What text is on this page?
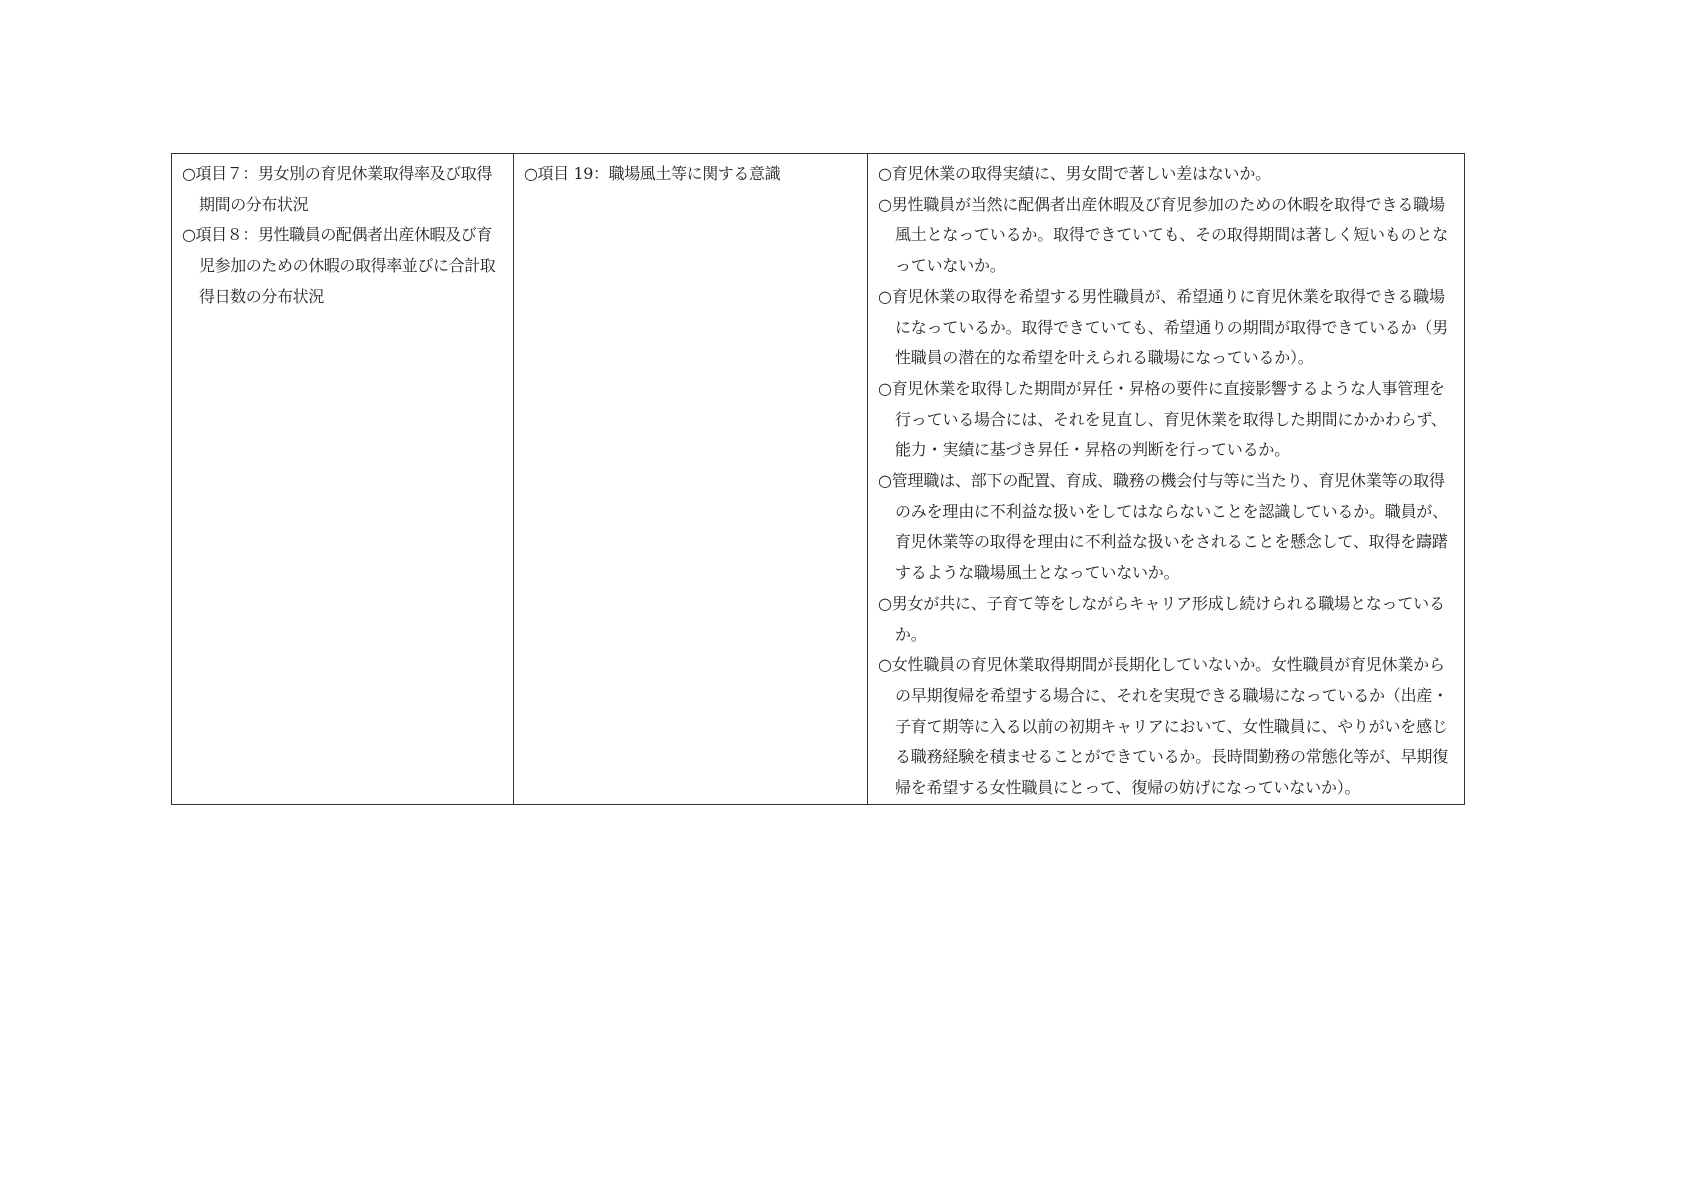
○項目７：男女別の育児休業取得率及び取得期間の分布状況

○項目８：男性職員の配偶者出産休暇及び育児参加のための休暇の取得率並びに合計取得日数の分布状況

○項目 19：職場風土等に関する意識	○育児休業の取得実績に、男女間で著しい差はないか。

○男性職員が当然に配偶者出産休暇及び育児参加のための休暇を取得できる職場風土となっているか。取得できていても、その取得期間は著しく短いものとなっていないか。

○育児休業の取得を希望する男性職員が、希望通りに育児休業を取得できる職場になっているか。取得できていても、希望通りの期間が取得できているか（男性職員の潜在的な希望を叶えられる職場になっているか）。

○育児休業を取得した期間が昇任・昇格の要件に直接影響するような人事管理を行っている場合には、それを見直し、育児休業を取得した期間にかかわらず、能力・実績に基づき昇任・昇格の判断を行っているか。

○管理職は、部下の配置、育成、職務の機会付与等に当たり、育児休業等の取得のみを理由に不利益な扱いをしてはならないことを認識しているか。職員が、育児休業等の取得を理由に不利益な扱いをされることを懸念して、取得を躊躇するような職場風土となっていないか。

○男女が共に、子育て等をしながらキャリア形成し続けられる職場となっているか。

○女性職員の育児休業取得期間が長期化していないか。女性職員が育児休業からの早期復帰を希望する場合に、それを実現できる職場になっているか（出産・子育て期等に入る以前の初期キャリアにおいて、女性職員に、やりがいを感じる職務経験を積ませることができているか。長時間勤務の常態化等が、早期復帰を希望する女性職員にとって、復帰の妨げになっていないか）。
